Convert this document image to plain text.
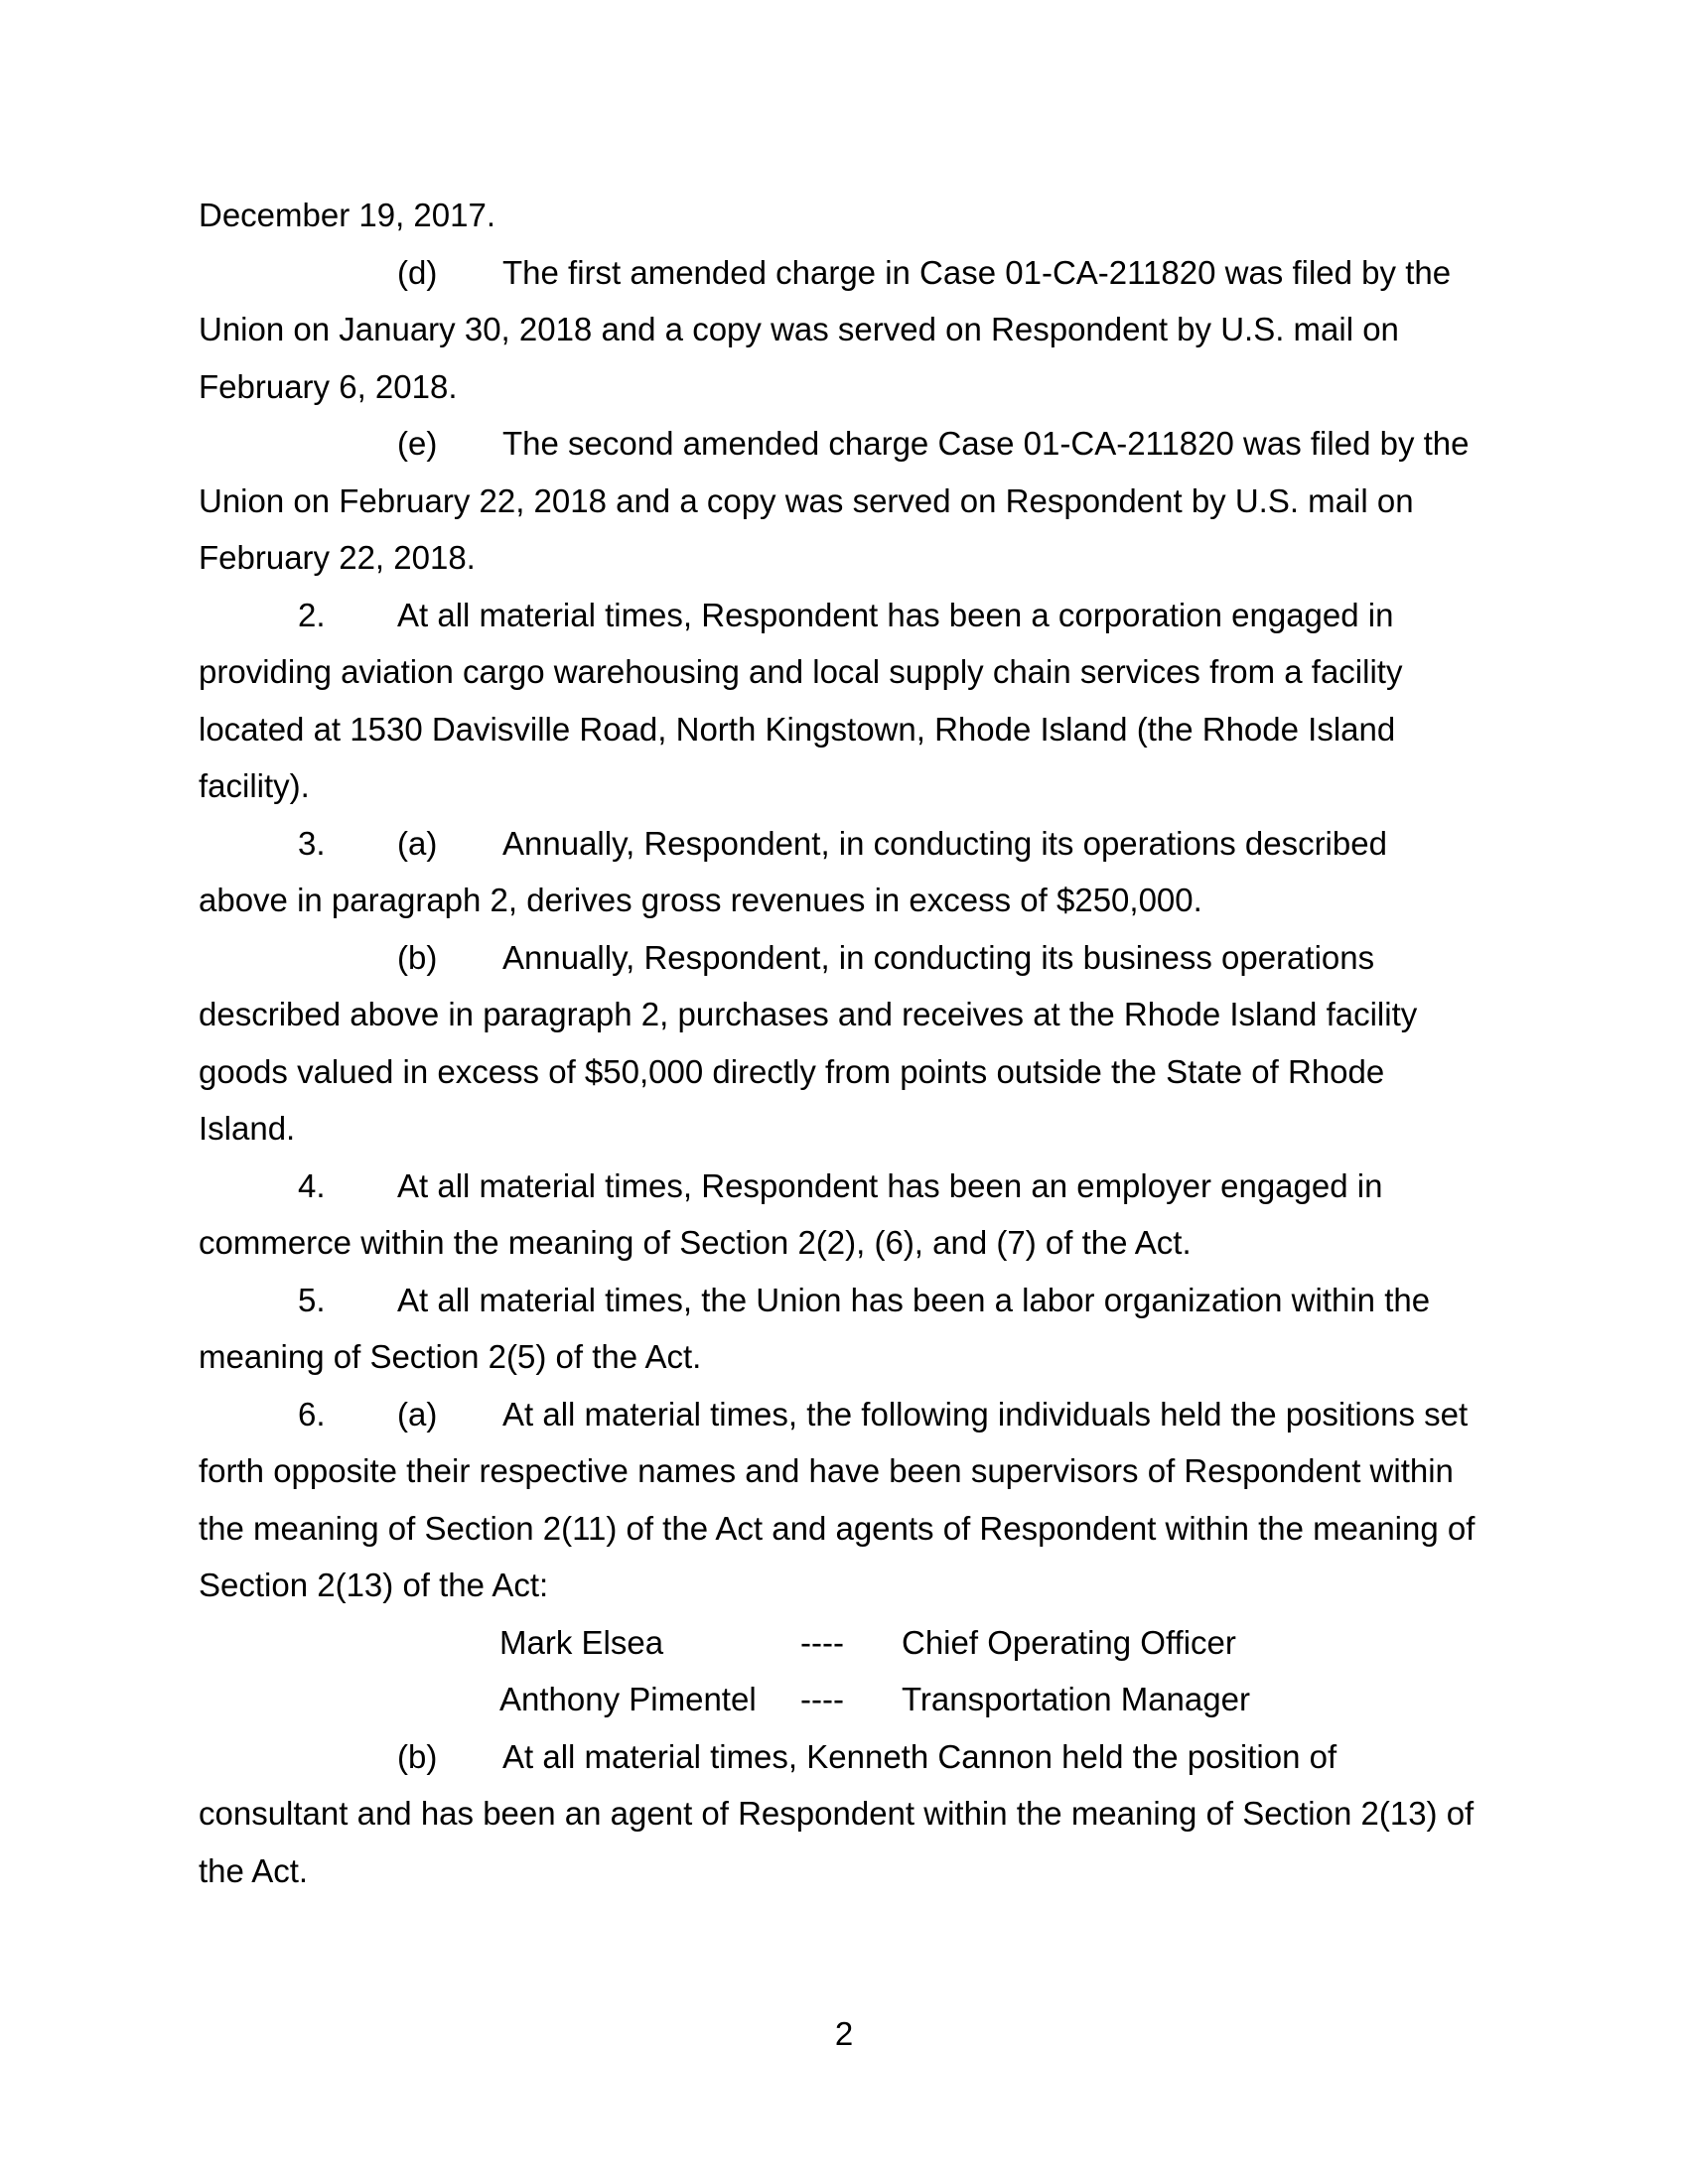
December 19, 2017.
(d) The first amended charge in Case 01-CA-211820 was filed by the
Union on January 30, 2018 and a copy was served on Respondent by U.S. mail on
February 6, 2018.
(e) The second amended charge Case 01-CA-211820 was filed by the
Union on February 22, 2018 and a copy was served on Respondent by U.S. mail on
February 22, 2018.
2. At all material times, Respondent has been a corporation engaged in
providing aviation cargo warehousing and local supply chain services from a facility
located at 1530 Davisville Road, North Kingstown, Rhode Island (the Rhode Island
facility).
3. (a) Annually, Respondent, in conducting its operations described
above in paragraph 2, derives gross revenues in excess of $250,000.
(b) Annually, Respondent, in conducting its business operations
described above in paragraph 2, purchases and receives at the Rhode Island facility
goods valued in excess of $50,000 directly from points outside the State of Rhode
Island.
4. At all material times, Respondent has been an employer engaged in
commerce within the meaning of Section 2(2), (6), and (7) of the Act.
5. At all material times, the Union has been a labor organization within the
meaning of Section 2(5) of the Act.
6. (a) At all material times, the following individuals held the positions set
forth opposite their respective names and have been supervisors of Respondent within
the meaning of Section 2(11) of the Act and agents of Respondent within the meaning of
Section 2(13) of the Act:
Mark Elsea	---- Chief Operating Officer
Anthony Pimentel ---- Transportation Manager
(b) At all material times, Kenneth Cannon held the position of
consultant and has been an agent of Respondent within the meaning of Section 2(13) of
the Act.
2
